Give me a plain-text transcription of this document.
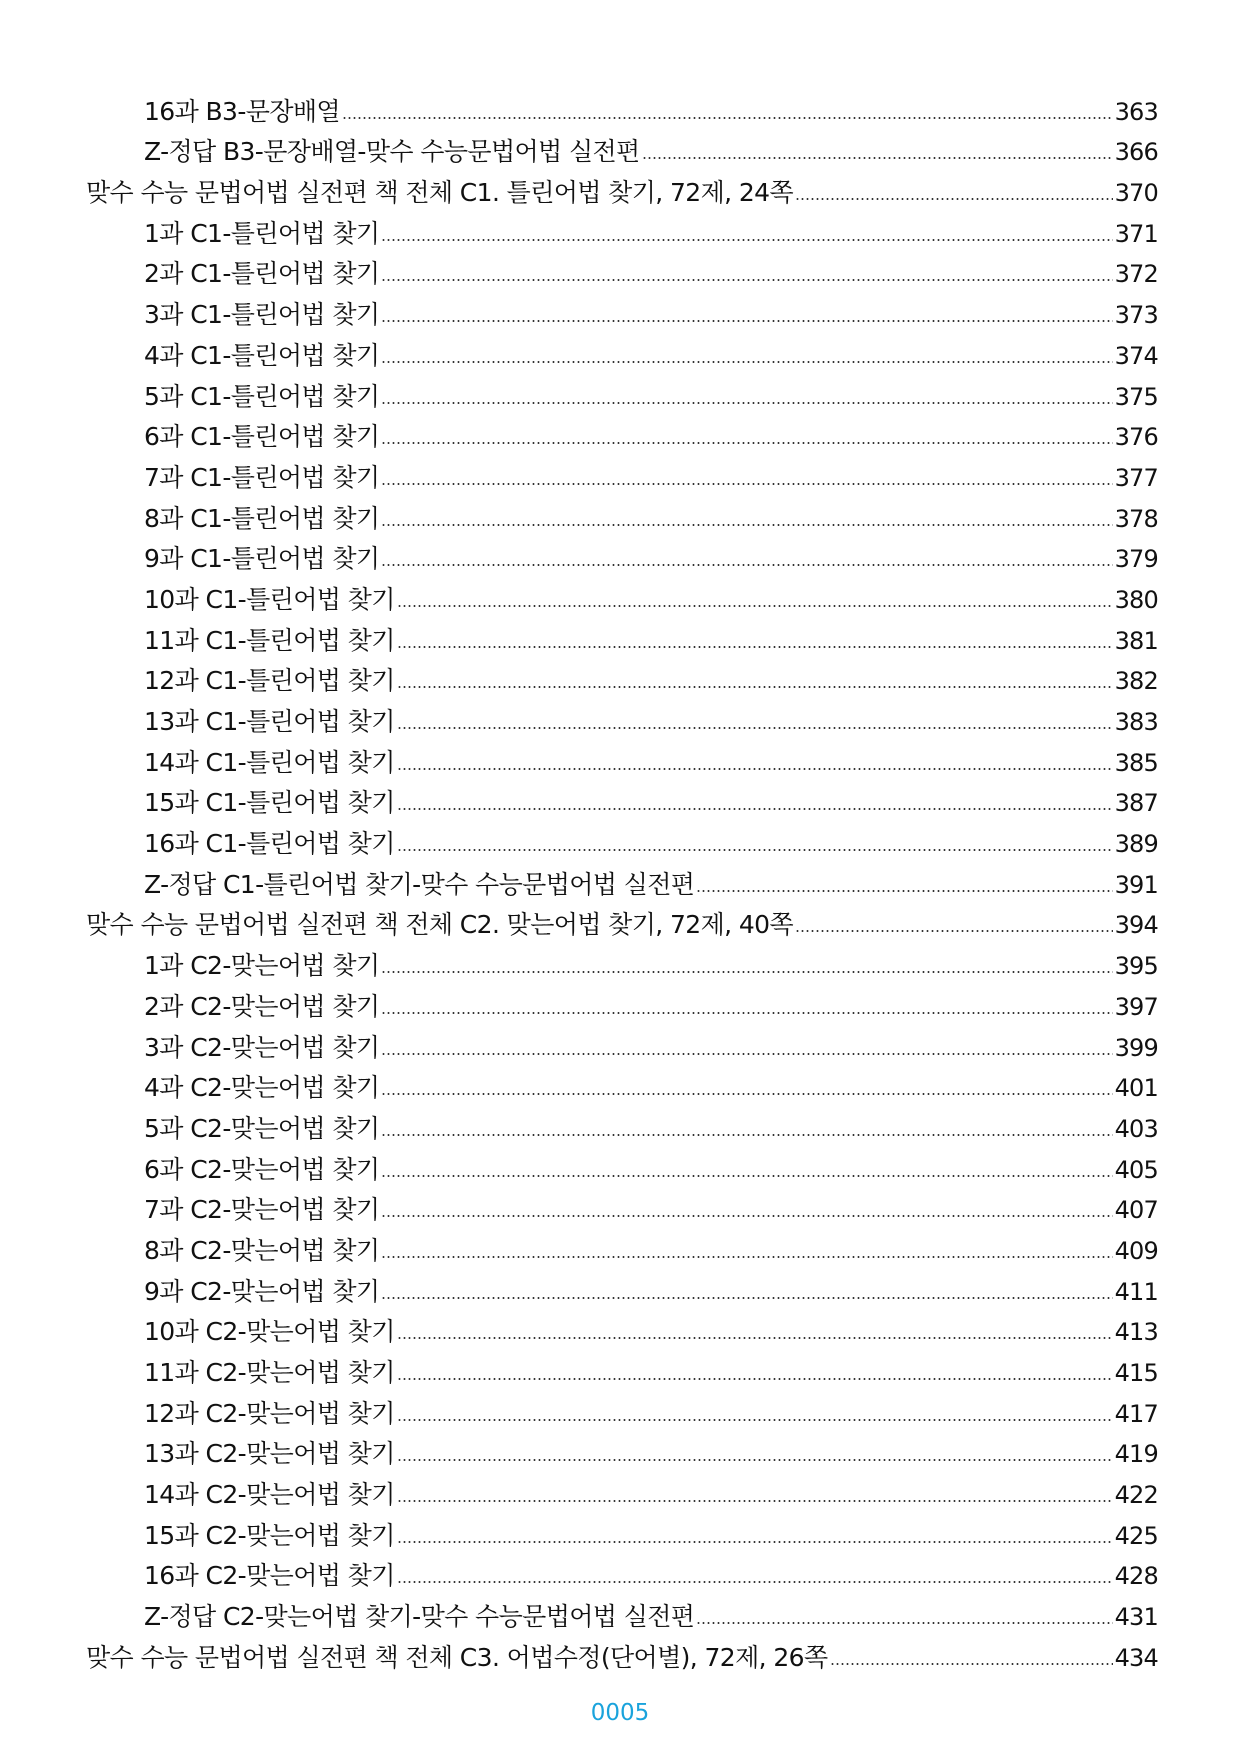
16과 B3-문장배열	363
Z-정답 B3-문장배열-맞수 수능문법어법 실전편	366
맞수 수능 문법어법 실전편 책 전체 C1. 틀린어법 찾기, 72제, 24쪽	370
1과 C1-틀린어법 찾기	371
2과 C1-틀린어법 찾기	372
3과 C1-틀린어법 찾기	373
4과 C1-틀린어법 찾기	374
5과 C1-틀린어법 찾기	375
6과 C1-틀린어법 찾기	376
7과 C1-틀린어법 찾기	377
8과 C1-틀린어법 찾기	378
9과 C1-틀린어법 찾기	379
10과 C1-틀린어법 찾기	380
11과 C1-틀린어법 찾기	381
12과 C1-틀린어법 찾기	382
13과 C1-틀린어법 찾기	383
14과 C1-틀린어법 찾기	385
15과 C1-틀린어법 찾기	387
16과 C1-틀린어법 찾기	389
Z-정답 C1-틀린어법 찾기-맞수 수능문법어법 실전편	391
맞수 수능 문법어법 실전편 책 전체 C2. 맞는어법 찾기, 72제, 40쪽	394
1과 C2-맞는어법 찾기	395
2과 C2-맞는어법 찾기	397
3과 C2-맞는어법 찾기	399
4과 C2-맞는어법 찾기	401
5과 C2-맞는어법 찾기	403
6과 C2-맞는어법 찾기	405
7과 C2-맞는어법 찾기	407
8과 C2-맞는어법 찾기	409
9과 C2-맞는어법 찾기	411
10과 C2-맞는어법 찾기	413
11과 C2-맞는어법 찾기	415
12과 C2-맞는어법 찾기	417
13과 C2-맞는어법 찾기	419
14과 C2-맞는어법 찾기	422
15과 C2-맞는어법 찾기	425
16과 C2-맞는어법 찾기	428
Z-정답 C2-맞는어법 찾기-맞수 수능문법어법 실전편	431
맞수 수능 문법어법 실전편 책 전체 C3. 어법수정(단어별), 72제, 26쪽	434
0005
